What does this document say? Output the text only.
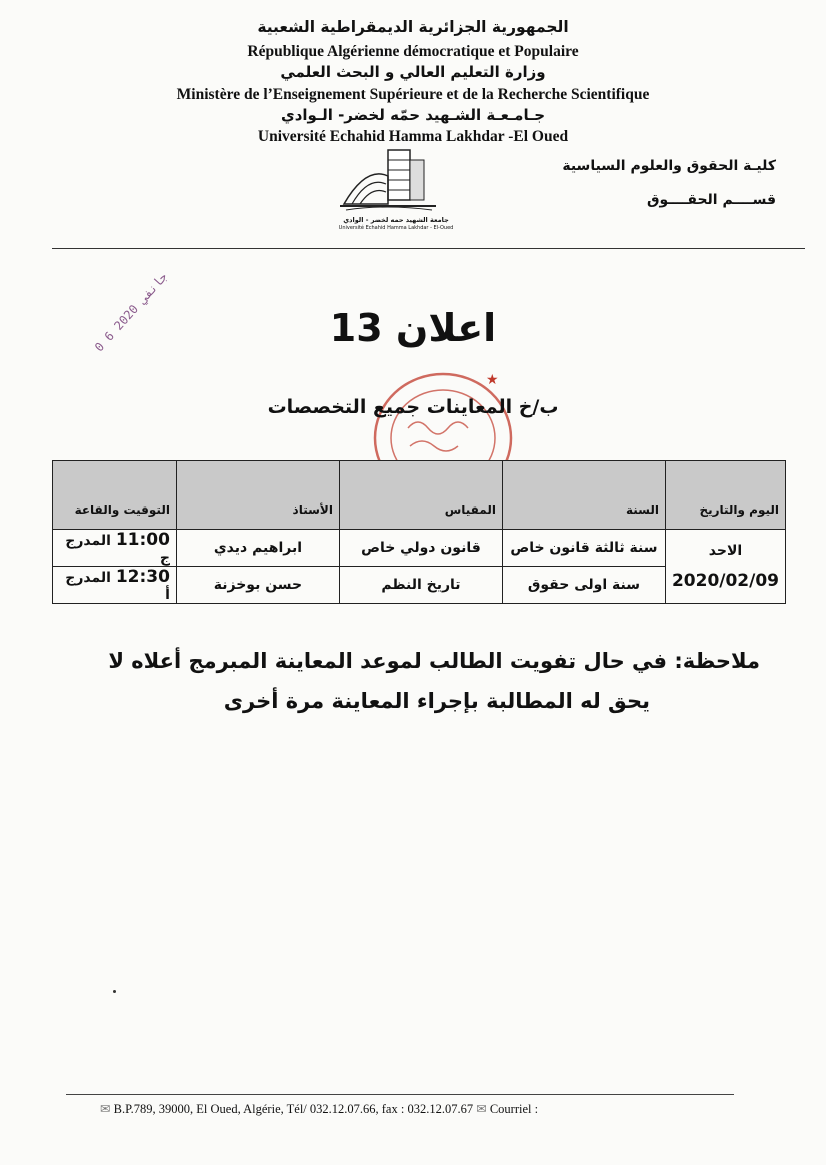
الجمهورية الجزائرية الديمقراطية الشعبية
République Algérienne démocratique et Populaire
وزارة التعليم العالي و البحث العلمي
Ministère de l’Enseignement Supérieure et de la Recherche Scientifique
جـامـعـة الشـهيد حمّه لخضر- الـوادي
Université Echahid Hamma Lakhdar -El Oued
كليـة الحقوق والعلوم السياسية
قســــم الحقــــوق
جامعة الشهيد حمه لخضر - الوادي
Université Echahid Hamma Lakhdar - El-Oued
0 6 جانفي 2020
اعلان 13
★
ب/خ المعاينات جميع التخصصات
اليوم والتاريخ	السنة	المقياس	الأستاذ	التوقيت والقاعة

الاحد
2020/02/09	سنة ثالثة قانون خاص	قانون دولي خاص	ابراهيم ديدي	11:00 المدرج ج
	سنة اولى حقوق	تاريخ النظم	حسن بوخزنة	12:30 المدرج أ
ملاحظة: في حال تفويت الطالب لموعد المعاينة المبرمج أعلاه لا
يحق له المطالبة بإجراء المعاينة مرة أخرى
✉ B.P.789, 39000, El Oued, Algérie, Tél/ 032.12.07.66, fax : 032.12.07.67 ✉ Courriel :
